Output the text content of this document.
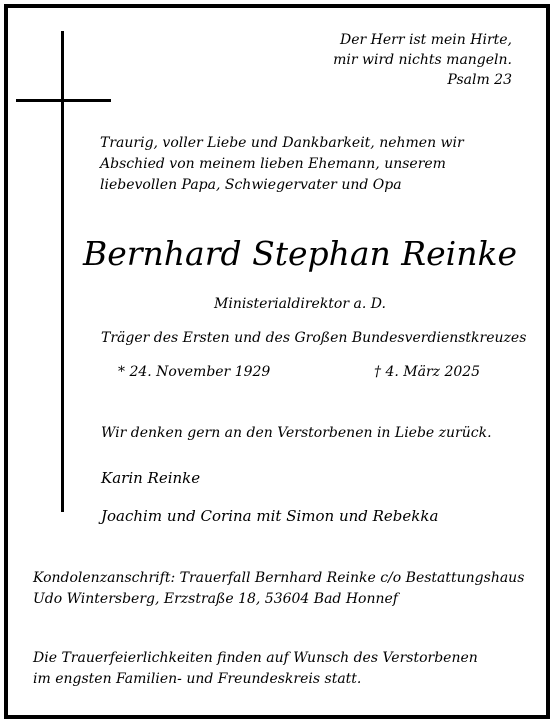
Der Herr ist mein Hirte,
mir wird nichts mangeln.
Psalm 23
Traurig, voller Liebe und Dankbarkeit, nehmen wir
Abschied von meinem lieben Ehemann, unserem
liebevollen Papa, Schwiegervater und Opa
Bernhard Stephan Reinke
Ministerialdirektor a. D.
Träger des Ersten und des Großen Bundesverdienstkreuzes
* 24. November 1929	† 4. März 2025
Wir denken gern an den Verstorbenen in Liebe zurück.
Karin Reinke
Joachim und Corina mit Simon und Rebekka
Kondolenzanschrift: Trauerfall Bernhard Reinke c/o Bestattungshaus
Udo Wintersberg, Erzstraße 18, 53604 Bad Honnef
Die Trauerfeierlichkeiten finden auf Wunsch des Verstorbenen
im engsten Familien- und Freundeskreis statt.
